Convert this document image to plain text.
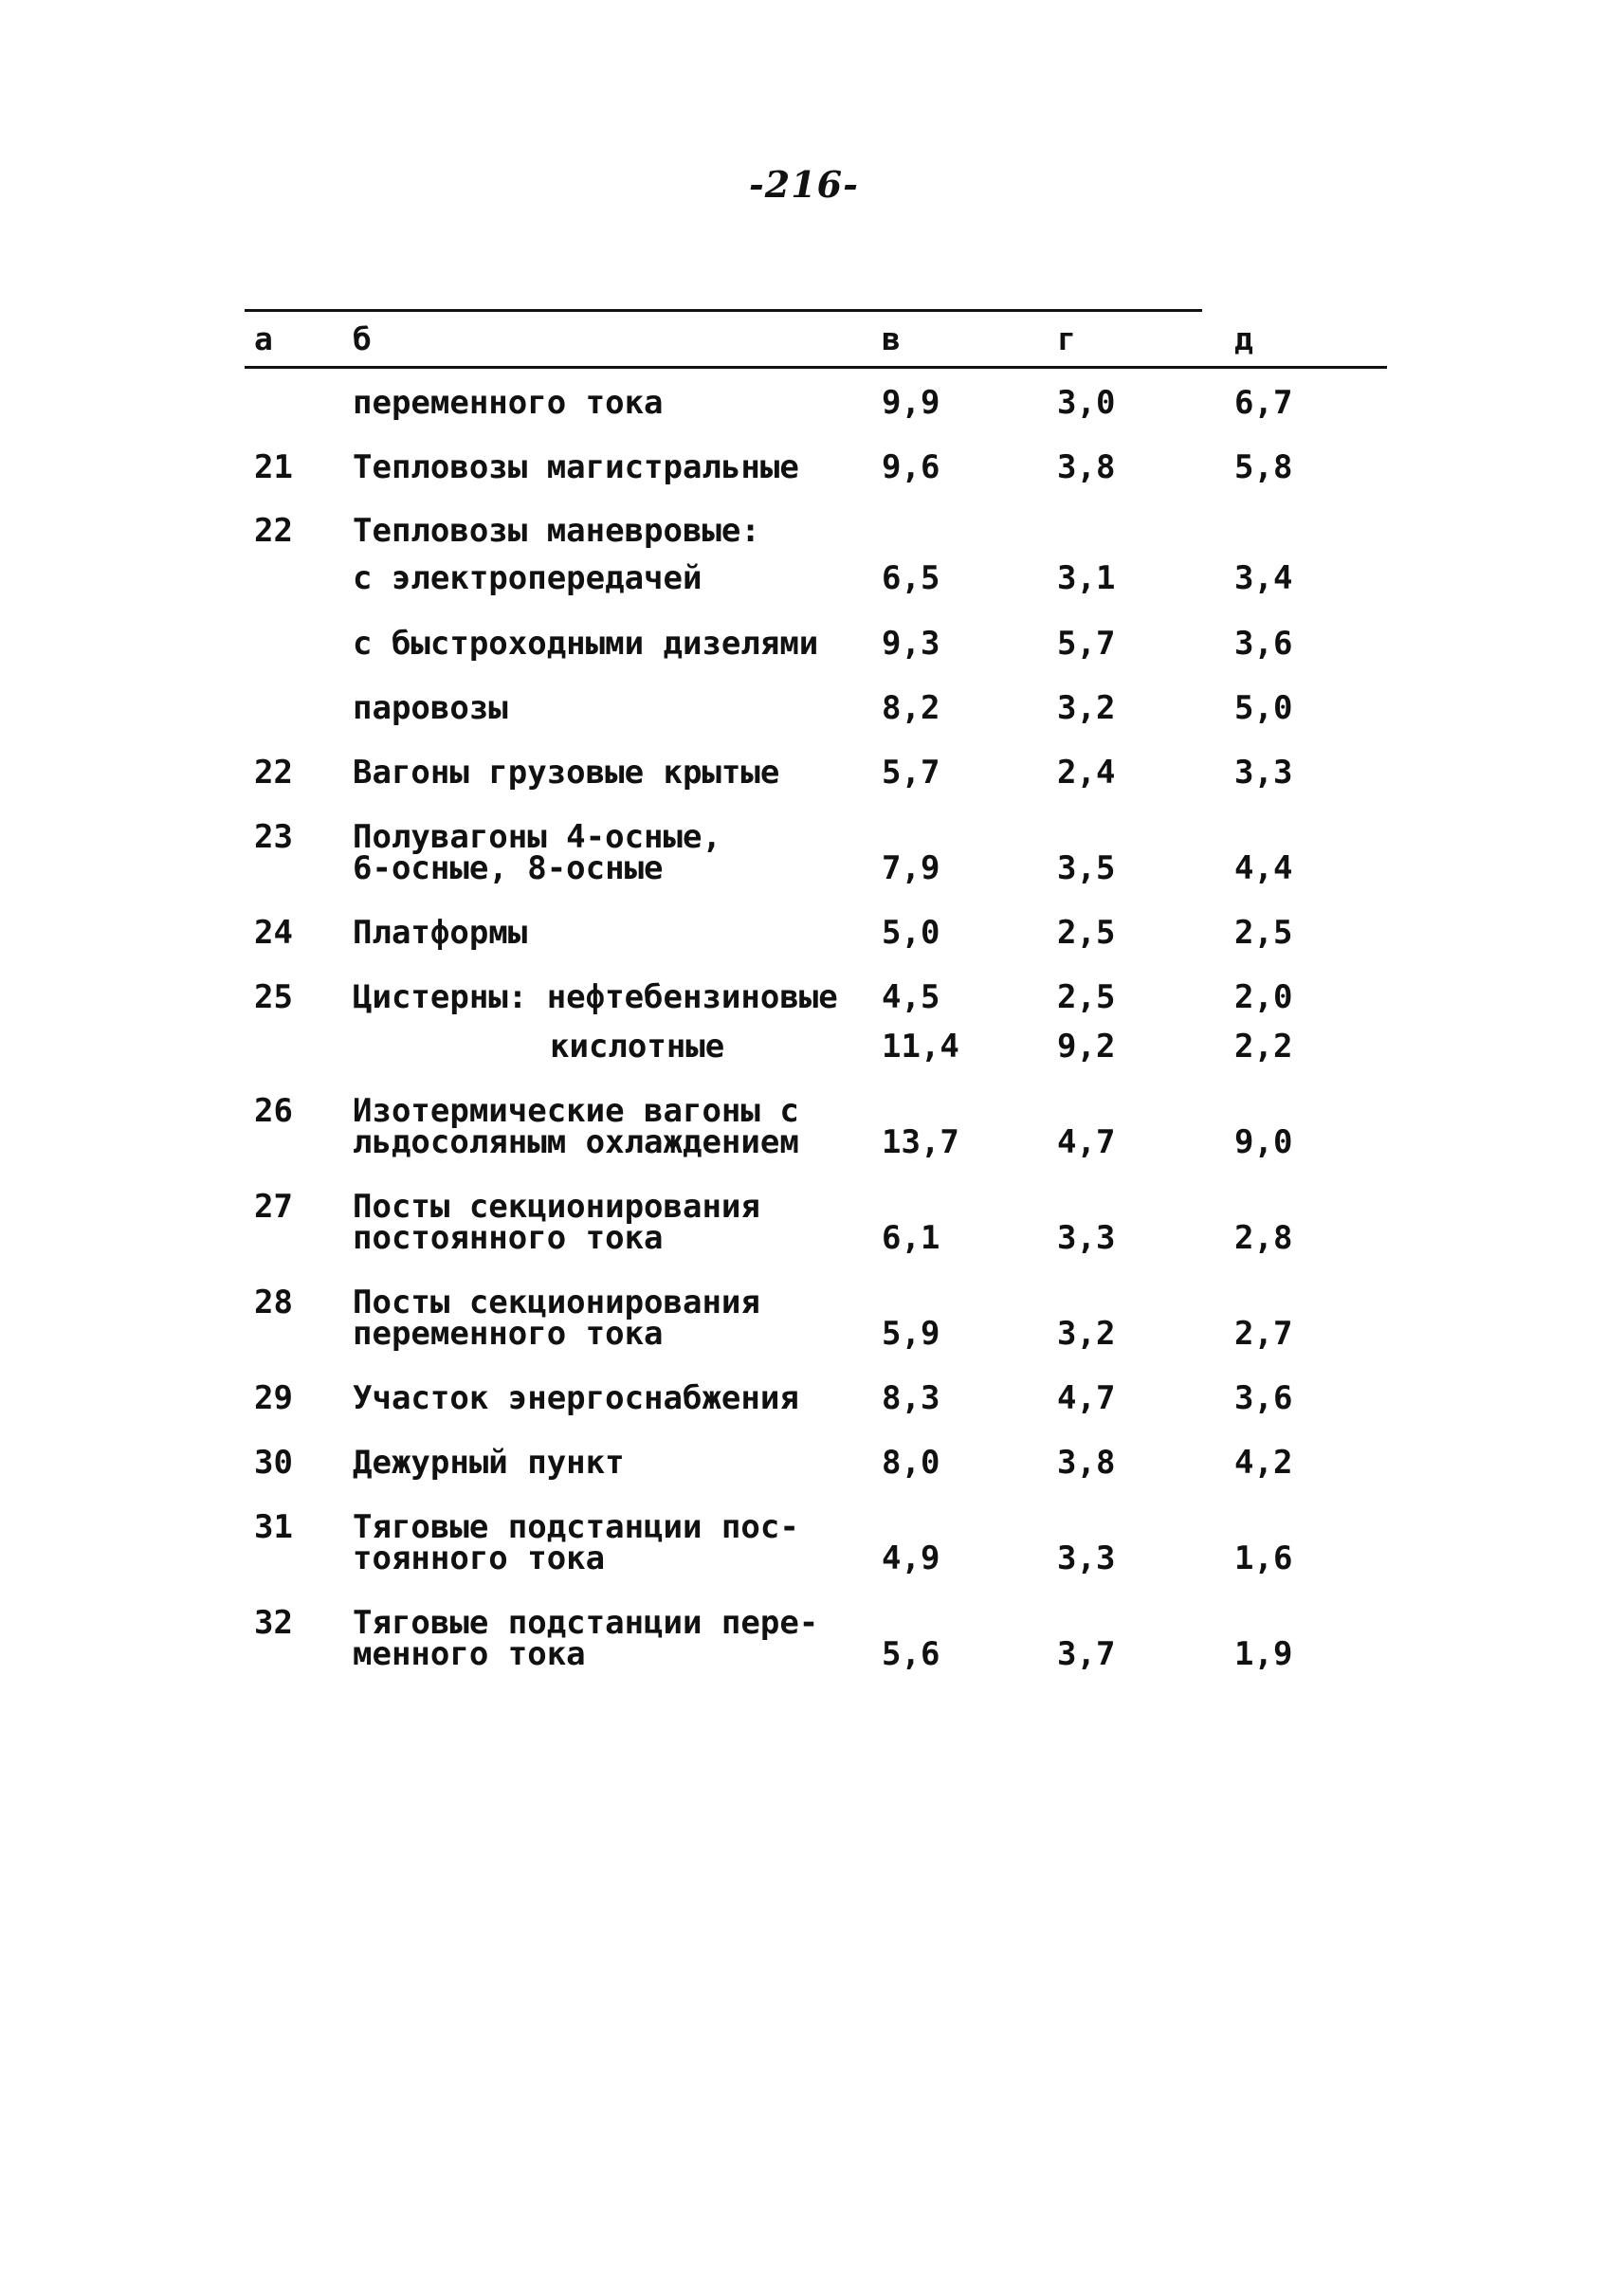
-216-
а	б	в	г	д
переменного тока	9,9	3,0	6,7
21 Тепловозы магистральные	9,6	3,8	5,8
22 Тепловозы маневровые:
с электропередачей	6,5	3,1	3,4
с быстроходными дизелями 9,3	5,7	3,6
паровозы	8,2	3,2	5,0
22 Вагоны грузовые крытые	5,7	2,4	3,3
23 Полувагоны 4-осные,
6-осные, 8-осные	7,9	3,5	4,4
24 Платформы	5,0	2,5	2,5
25 Цистерны: нефтебензиновые 4,5	2,5	2,0
кислотные	11,4	9,2	2,2
26 Изотермические вагоны с
льдосоляным охлаждением	13,7	4,7	9,0
27 Посты секционирования
постоянного тока	6,1	3,3	2,8
28 Посты секционирования
переменного тока	5,9	3,2	2,7
29 Участок энергоснабжения	8,3	4,7	3,6
30 Дежурный пункт	8,0	3,8	4,2
31 Тяговые подстанции пос-
тоянного тока	4,9	3,3	1,6
32 Тяговые подстанции пере-
менного тока	5,6	3,7	1,9
